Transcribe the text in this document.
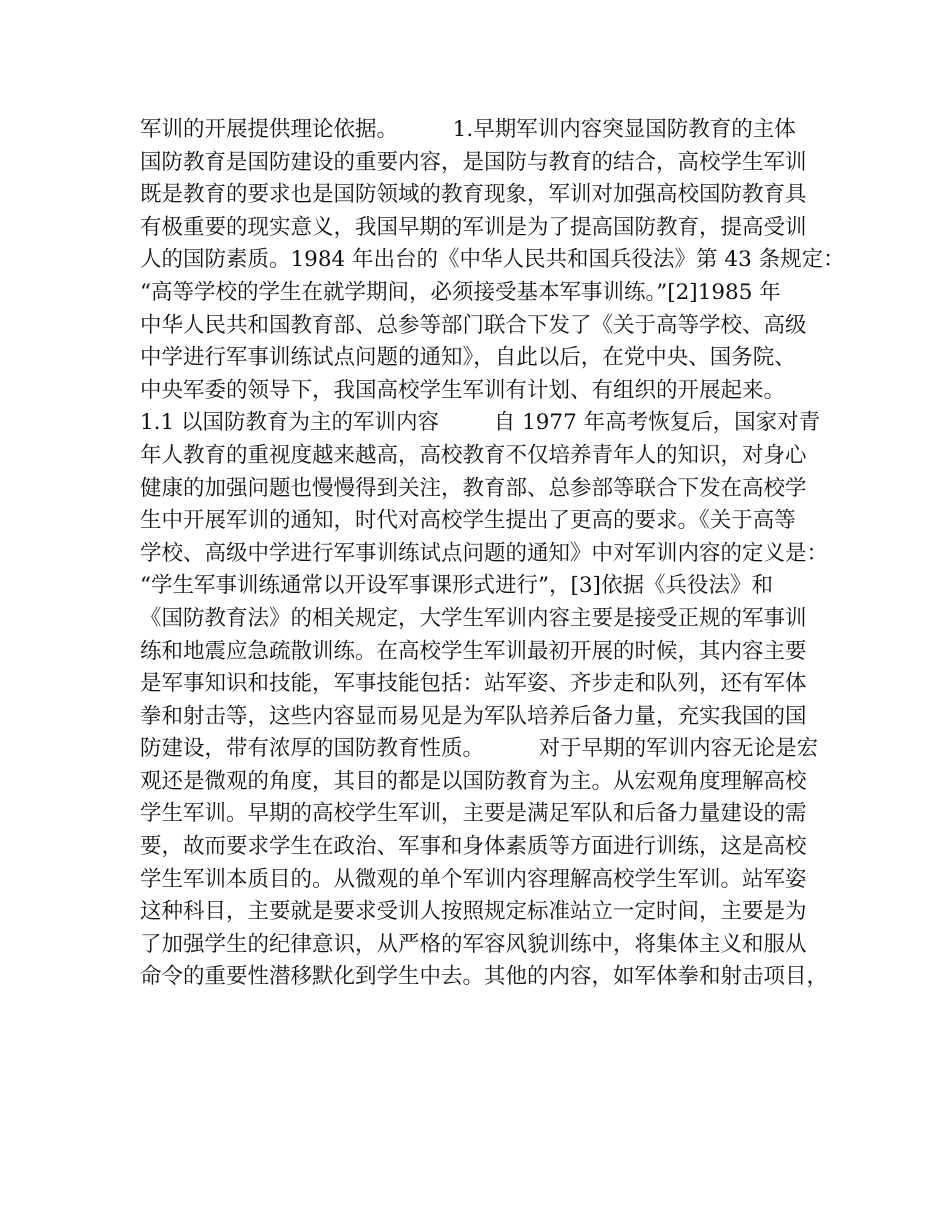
军训的开展提供理论依据。        1.早期军训内容突显国防教育的主体
国防教育是国防建设的重要内容，是国防与教育的结合，高校学生军训
既是教育的要求也是国防领域的教育现象，军训对加强高校国防教育具
有极重要的现实意义，我国早期的军训是为了提高国防教育，提高受训
人的国防素质。1984 年出台的《中华人民共和国兵役法》第 43 条规定：
“高等学校的学生在就学期间，必须接受基本军事训练。”[2]1985 年
中华人民共和国教育部、总参等部门联合下发了《关于高等学校、高级
中学进行军事训练试点问题的通知》，自此以后，在党中央、国务院、
中央军委的领导下，我国高校学生军训有计划、有组织的开展起来。
1.1 以国防教育为主的军训内容        自 1977 年高考恢复后，国家对青
年人教育的重视度越来越高，高校教育不仅培养青年人的知识，对身心
健康的加强问题也慢慢得到关注，教育部、总参部等联合下发在高校学
生中开展军训的通知，时代对高校学生提出了更高的要求。《关于高等
学校、高级中学进行军事训练试点问题的通知》中对军训内容的定义是：
“学生军事训练通常以开设军事课形式进行”，[3]依据《兵役法》和
《国防教育法》的相关规定，大学生军训内容主要是接受正规的军事训
练和地震应急疏散训练。在高校学生军训最初开展的时候，其内容主要
是军事知识和技能，军事技能包括：站军姿、齐步走和队列，还有军体
拳和射击等，这些内容显而易见是为军队培养后备力量，充实我国的国
防建设，带有浓厚的国防教育性质。        对于早期的军训内容无论是宏
观还是微观的角度，其目的都是以国防教育为主。从宏观角度理解高校
学生军训。早期的高校学生军训，主要是满足军队和后备力量建设的需
要，故而要求学生在政治、军事和身体素质等方面进行训练，这是高校
学生军训本质目的。从微观的单个军训内容理解高校学生军训。站军姿
这种科目，主要就是要求受训人按照规定标准站立一定时间，主要是为
了加强学生的纪律意识，从严格的军容风貌训练中，将集体主义和服从
命令的重要性潜移默化到学生中去。其他的内容，如军体拳和射击项目，
